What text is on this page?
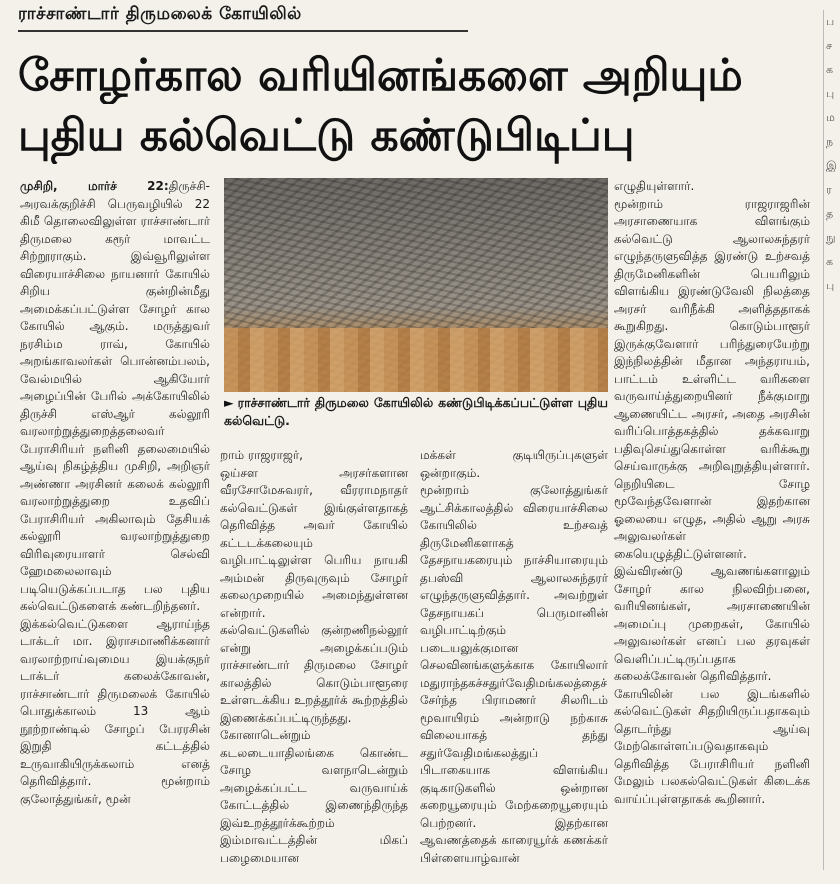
ராச்சாண்டார் திருமலைக் கோயிலில்
சோழர்கால வரியினங்களை அறியும்
புதிய கல்வெட்டு கண்டுபிடிப்பு
முசிறி, மார்ச் 22:திருச்சி-அரவக்குறிச்சி பெருவழியில் 22 கிமீ தொலைவிலுள்ள ராச்சாண்டார் திருமலை கரூர் மாவட்ட சிற்றூராகும். இவ்வூரிலுள்ள விரையாச்சிலை நாயனார் கோயில் சிறிய குன்றின்மீது அமைக்கப்பட்டுள்ள சோழர் கால கோயில் ஆகும். மருத்துவர் நரசிம்ம ராவ், கோயில் அறங்காவலர்கள் பொன்னம்பலம், வேல்மயில் ஆகியோர் அழைப்பின் பேரில் அக்கோயிலில் திருச்சி எஸ்ஆர் கல்லூரி வரலாற்றுத்துறைத்தலைவர் பேராசிரியர் நளினி தலைமையில் ஆய்வு நிகழ்த்திய முசிறி, அறிஞர் அண்ணா அரசினர் கலைக் கல்லூரி வரலாற்றுத்துறை உதவிப் பேராசிரியர் அகிலாவும் தேசியக் கல்லூரி வரலாற்றுத்துறை விரிவுரையாளர் செல்வி ஹேமலைலாவும் படியெடுக்கப்படாத பல புதிய கல்வெட்டுகளைக் கண்டறிந்தனர்.
இக்கல்வெட்டுகளை ஆராய்ந்த டாக்டர் மா. இராசமாணிக்கனார் வரலாற்றாய்வுமைய இயக்குநர் டாக்டர் கலைக்கோவன், ராச்சாண்டார் திருமலைக் கோயில் பொதுக்காலம் 13 ஆம் நூற்றாண்டில் சோழப் பேரரசின் இறுதி கட்டத்தில் உருவாகியிருக்கலாம் எனத் தெரிவித்தார். மூன்றாம் குலோத்துங்கர், மூன்
► ராச்சாண்டார் திருமலை கோயிலில் கண்டுபிடிக்கப்பட்டுள்ள புதிய கல்வெட்டு.
றாம் ராஜராஜர்,
ஒய்சள அரசர்களான வீரசோமேசுவரர், வீரராமநாதர் கல்வெட்டுகள் இங்குள்ளதாகத் தெரிவித்த அவர் கோயில் கட்டடக்கலையும் வழிபாட்டிலுள்ள பெரிய நாயகி அம்மன் திருவுருவும் சோழர் கலைமுறையில் அமைந்துள்ளன என்றார்.
கல்வெட்டுகளில் குன்றணிநல்லூர் என்று அழைக்கப்படும் ராச்சாண்டார் திருமலை சோழர் காலத்தில் கொடும்பாளூரை உள்ளடக்கிய உறத்தூர்க் கூற்றத்தில் இணைக்கப்பட்டிருந்தது. கோனாடென்றும் கடலடையாதிலங்கை கொண்ட சோழ வளநாடென்றும் அழைக்கப்பட்ட வருவாய்க் கோட்டத்தில் இணைந்திருந்த இவ்உறத்தூர்க்கூற்றம் இம்மாவட்டத்தின் மிகப் பழைமையான
மக்கள் குடியிருப்புகளுள் ஒன்றாகும்.
மூன்றாம் குலோத்துங்கர் ஆட்சிக்காலத்தில் விரையாச்சிலை கோயிலில் உற்சவத் திருமேனிகளாகத் தேசநாயகரையும் நாச்சியாரையும் தபஸ்வி ஆலாலசுந்தரர் எழுந்தருளுவித்தார். அவற்றுள் தேசநாயகப் பெருமானின் வழிபாட்டிற்கும் படையலுக்குமான செலவினங்களுக்காக கோயிலார் மதுராந்தகச்சதுர்வேதிமங்கலத்தைச் சேர்ந்த பிராமணர் சிலரிடம் மூவாயிரம் அன்றாடு நற்காசு விலையாகத் தந்து சதுர்வேதிமங்கலத்துப் பிடாகையாக விளங்கிய குடிகாடுகளில் ஒன்றான கறையூரையும் மேற்கறையூரையும் பெற்றனர். இதற்கான ஆவணத்தைக் காரையூர்க் கணக்கர் பிள்ளையாழ்வான்
எழுதியுள்ளார்.
மூன்றாம் ராஜராஜரின் அரசாணையாக விளங்கும் கல்வெட்டு ஆலாலசுந்தரர் எழுந்தருளுவித்த இரண்டு உற்சவத் திருமேனிகளின் பெயரிலும் விளங்கிய இரண்டுவேலி நிலத்தை அரசர் வரிநீக்கி அளித்ததாகக் கூறுகிறது. கொடும்பாளூர் இருக்குவேளார் பரிந்துரையேற்று இந்நிலத்தின் மீதான அந்தராயம், பாட்டம் உள்ளிட்ட வரிகளை வருவாய்த்துறையினர் நீக்குமாறு ஆணையிட்ட அரசர், அதை அரசின் வரிப்பொத்தகத்தில் தக்கவாறு பதிவுசெய்துகொள்ள வரிக்கூறு செய்வாருக்கு அறிவுறுத்தியுள்ளார். நெறியிடை சோழ மூவேந்தவேளான் இதற்கான ஓலையை எழுத, அதில் ஆறு அரசு அலுவலர்கள் கையெழுத்திட்டுள்ளனர். இவ்விரண்டு ஆவணங்களாலும் சோழர் கால நிலவிற்பனை, வரியினங்கள், அரசாணையின் அமைப்பு முறைகள், கோயில் அலுவலர்கள் எனப் பல தரவுகள் வெளிப்பட்டிருப்பதாக கலைக்கோவன் தெரிவித்தார்.
கோயிலின் பல இடங்களில் கல்வெட்டுகள் சிதறியிருப்பதாகவும் தொடர்ந்து ஆய்வு மேற்கொள்ளப்படுவதாகவும் தெரிவித்த பேராசிரியர் நளினி மேலும் பலகல்வெட்டுகள் கிடைக்க வாய்ப்புள்ளதாகக் கூறினார்.
ப
ச
க
பு
ம
ந
இ
ர
த
நு
க
பு
